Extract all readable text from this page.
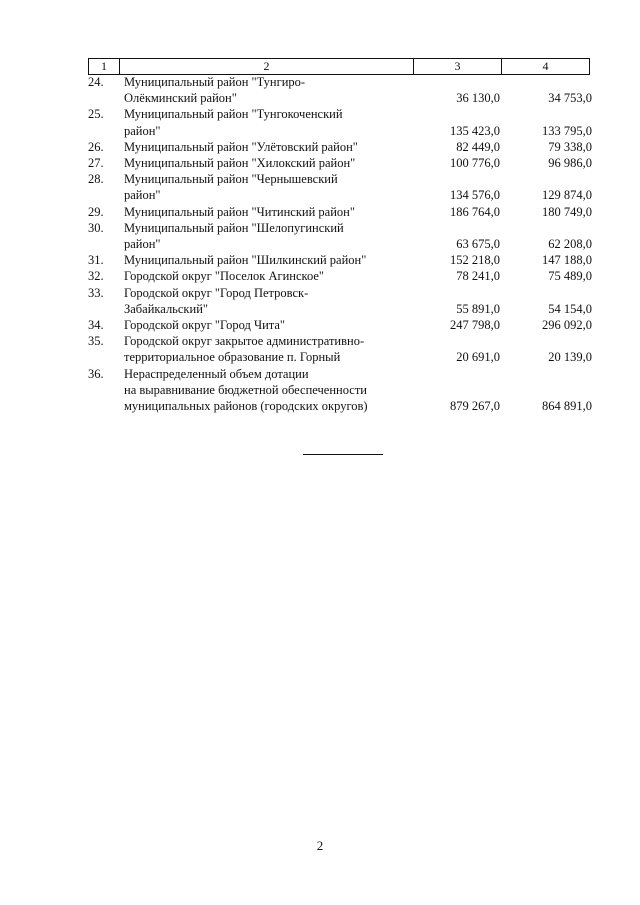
1	2	3	4
24.	Муниципальный район "Тунгиро-
Олёкминский район"	36 130,0	34 753,0
25.	Муниципальный район "Тунгокоченский
район"	135 423,0	133 795,0
26.	Муниципальный район "Улётовский район"	82 449,0	79 338,0
27.	Муниципальный район "Хилокский район"	100 776,0	96 986,0
28.	Муниципальный район "Чернышевский
район"	134 576,0	129 874,0
29.	Муниципальный район "Читинский район"	186 764,0	180 749,0
30.	Муниципальный район "Шелопугинский
район"	63 675,0	62 208,0
31.	Муниципальный район "Шилкинский район"	152 218,0	147 188,0
32.	Городской округ "Поселок Агинское"	78 241,0	75 489,0
33.	Городской округ "Город Петровск-
Забайкальский"	55 891,0	54 154,0
34.	Городской округ "Город Чита"	247 798,0	296 092,0
35.	Городской округ закрытое административно-
территориальное образование п. Горный	20 691,0	20 139,0
36.	Нераспределенный объем дотации
на выравнивание бюджетной обеспеченности
муниципальных районов (городских округов)	879 267,0	864 891,0
2
